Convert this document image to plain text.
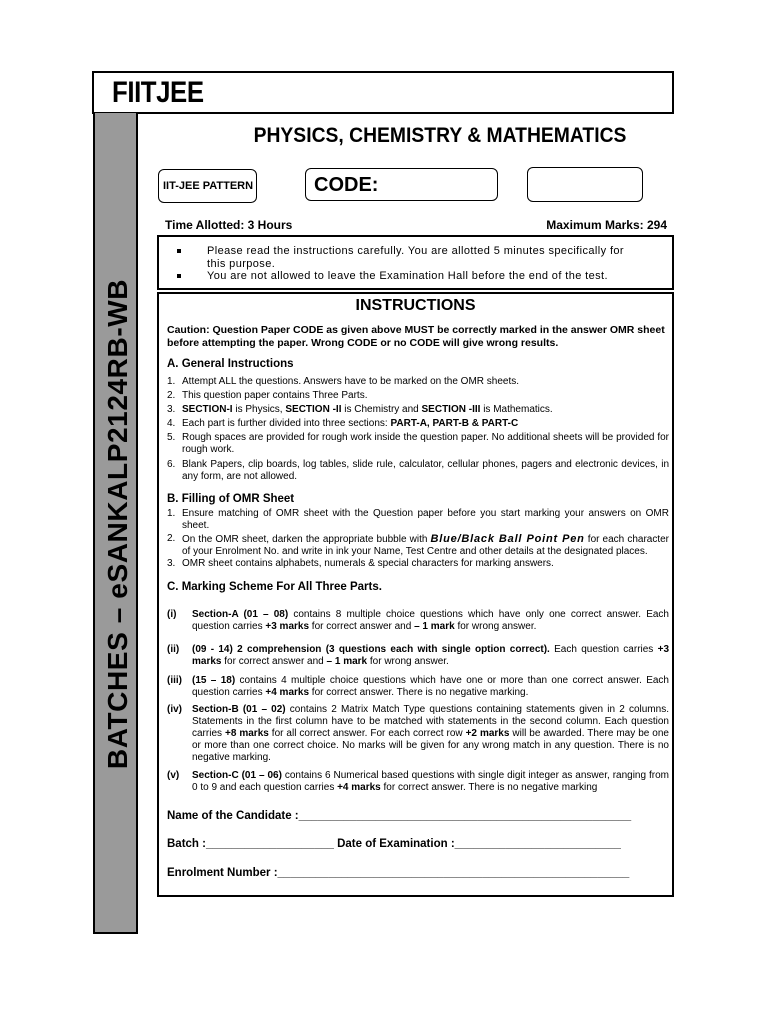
FIITJEE
BATCHES – eSANKALP2124RB-WB
PHYSICS, CHEMISTRY & MATHEMATICS
IIT-JEE PATTERN	CODE:
Time Allotted: 3 Hours	Maximum Marks: 294
Please read the instructions carefully. You are allotted 5 minutes specifically for
this purpose.
You are not allowed to leave the Examination Hall before the end of the test.
INSTRUCTIONS
Caution: Question Paper CODE as given above MUST be correctly marked in the answer OMR sheet before attempting the paper. Wrong CODE or no CODE will give wrong results.
A. General Instructions
1. Attempt ALL the questions. Answers have to be marked on the OMR sheets.
2. This question paper contains Three Parts.
3. SECTION-I is Physics, SECTION -II is Chemistry and SECTION -III is Mathematics.
4. Each part is further divided into three sections: PART-A, PART-B & PART-C
5. Rough spaces are provided for rough work inside the question paper. No additional sheets will be provided for rough work.
6. Blank Papers, clip boards, log tables, slide rule, calculator, cellular phones, pagers and electronic devices, in any form, are not allowed.
B. Filling of OMR Sheet
1. Ensure matching of OMR sheet with the Question paper before you start marking your answers on OMR sheet.
2. On the OMR sheet, darken the appropriate bubble with Blue/Black Ball Point Pen for each character of your Enrolment No. and write in ink your Name, Test Centre and other details at the designated places.
3. OMR sheet contains alphabets, numerals & special characters for marking answers.
C. Marking Scheme For All Three Parts.
(i) Section-A (01 – 08) contains 8 multiple choice questions which have only one correct answer. Each question carries +3 marks for correct answer and – 1 mark for wrong answer.
(ii) (09 - 14) 2 comprehension (3 questions each with single option correct). Each question carries +3 marks for correct answer and – 1 mark for wrong answer.
(iii) (15 – 18) contains 4 multiple choice questions which have one or more than one correct answer. Each question carries +4 marks for correct answer. There is no negative marking.
(iv) Section-B (01 – 02) contains 2 Matrix Match Type questions containing statements given in 2 columns. Statements in the first column have to be matched with statements in the second column. Each question carries +8 marks for all correct answer. For each correct row +2 marks will be awarded. There may be one or more than one correct choice. No marks will be given for any wrong match in any question. There is no negative marking.
(v) Section-C (01 – 06) contains 6 Numerical based questions with single digit integer as answer, ranging from 0 to 9 and each question carries +4 marks for correct answer. There is no negative marking
Name of the Candidate :____________________________________________________
Batch :____________________ Date of Examination :__________________________
Enrolment Number :_______________________________________________________
